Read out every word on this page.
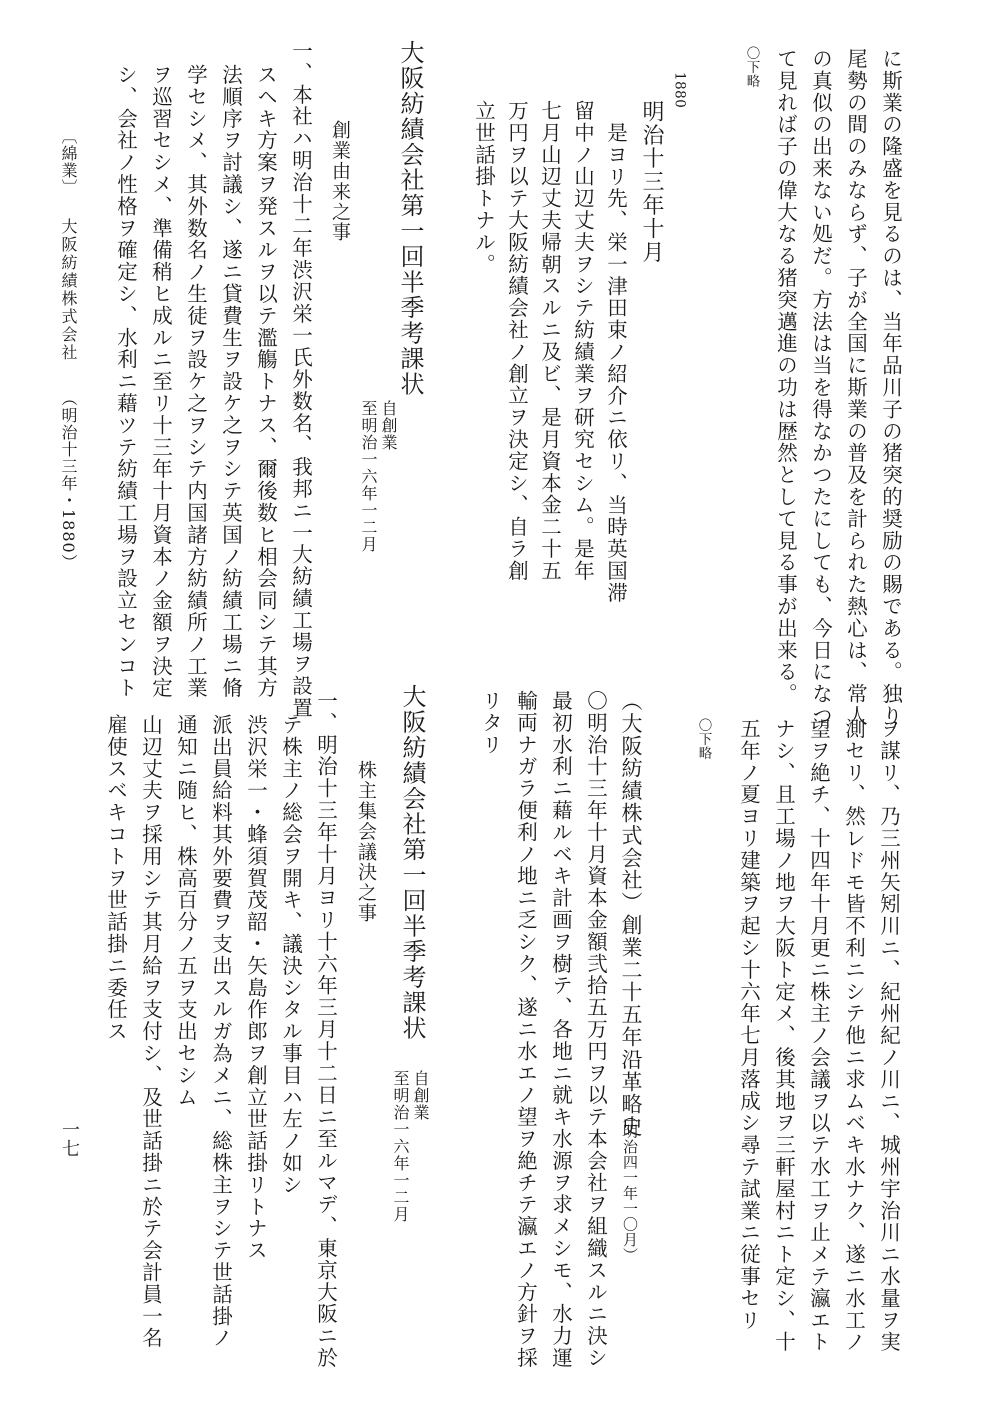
に斯業の隆盛を見るのは、当年品川子の猪突的奨励の賜である。独り
尾勢の間のみならず、子が全国に斯業の普及を計られた熱心は、常人
の真似の出来ない処だ。方法は当を得なかつたにしても、今日になつ
て見れば子の偉大なる猪突邁進の功は歴然として見る事が出来る。
〇下略
1880
明治十三年十月
是ヨリ先、栄一津田束ノ紹介ニ依リ、当時英国滞
留中ノ山辺丈夫ヲシテ紡績業ヲ研究セシム。是年
七月山辺丈夫帰朝スルニ及ビ、是月資本金二十五
万円ヲ以テ大阪紡績会社ノ創立ヲ決定シ、自ラ創
立世話掛トナル。
大阪紡績会社第一回半季考課状
自創業
至明治一六年一二月
創業由来之事
一、本社ハ明治十二年渋沢栄一氏外数名、我邦ニ一大紡績工場ヲ設置
スヘキ方案ヲ発スルヲ以テ濫觴トナス、爾後数ヒ相会同シテ其方
法順序ヲ討議シ、遂ニ貸費生ヲ設ケ之ヲシテ英国ノ紡績工場ニ脩
学セシメ、其外数名ノ生徒ヲ設ケ之ヲシテ内国諸方紡績所ノ工業
ヲ巡習セシメ、準備稍ヒ成ルニ至リ十三年十月資本ノ金額ヲ決定
シ、会社ノ性格ヲ確定シ、水利ニ藉ツテ紡績工場ヲ設立センコト
〔綿業〕
大阪紡績株式会社
（明治十三年・1880）
ヲ謀リ、乃三州矢矧川ニ、紀州紀ノ川ニ、城州宇治川ニ水量ヲ実
測セリ、然レドモ皆不利ニシテ他ニ求ムベキ水ナク、遂ニ水工ノ
望ヲ絶チ、十四年十月更ニ株主ノ会議ヲ以テ水工ヲ止メテ瀛エト
ナシ、且工場ノ地ヲ大阪ト定メ、後其地ヲ三軒屋村ニト定シ、十
五年ノ夏ヨリ建築ヲ起シ十六年七月落成シ尋テ試業ニ従事セリ
〇下略
（大阪紡績株式会社）創業二十五年沿革略史
（明治四一年一〇月）
〇明治十三年十月資本金額弐拾五万円ヲ以テ本会社ヲ組織スルニ決シ
最初水利ニ藉ルベキ計画ヲ樹テ、各地ニ就キ水源ヲ求メシモ、水力運
輸両ナガラ便利ノ地ニ乏シク、遂ニ水エノ望ヲ絶チテ瀛エノ方針ヲ採
リタリ
大阪紡績会社第一回半季考課状
自創業
至明治一六年一二月
株主集会議決之事
一、明治十三年十月ヨリ十六年三月十二日ニ至ルマデ、東京大阪ニ於
テ株主ノ総会ヲ開キ、議決シタル事目ハ左ノ如シ
渋沢栄一・蜂須賀茂韶・矢島作郎ヲ創立世話掛リトナス
派出員給料其外要費ヲ支出スルガ為メニ、総株主ヲシテ世話掛ノ
通知ニ随ヒ、株高百分ノ五ヲ支出セシム
山辺丈夫ヲ採用シテ其月給ヲ支付シ、及世話掛ニ於テ会計員一名
雇使スベキコトヲ世話掛ニ委任ス
一七
